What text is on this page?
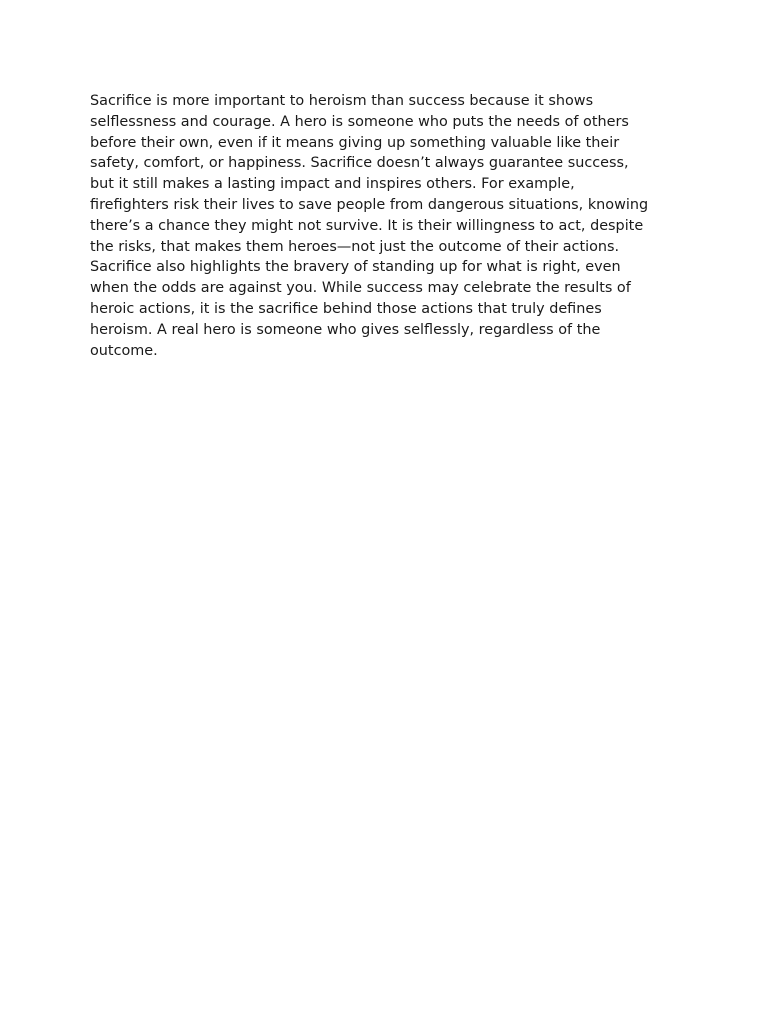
Sacrifice is more important to heroism than success because it shows
selflessness and courage. A hero is someone who puts the needs of others
before their own, even if it means giving up something valuable like their
safety, comfort, or happiness. Sacrifice doesn’t always guarantee success,
but it still makes a lasting impact and inspires others. For example,
firefighters risk their lives to save people from dangerous situations, knowing
there’s a chance they might not survive. It is their willingness to act, despite
the risks, that makes them heroes—not just the outcome of their actions.
Sacrifice also highlights the bravery of standing up for what is right, even
when the odds are against you. While success may celebrate the results of
heroic actions, it is the sacrifice behind those actions that truly defines
heroism. A real hero is someone who gives selflessly, regardless of the
outcome.
